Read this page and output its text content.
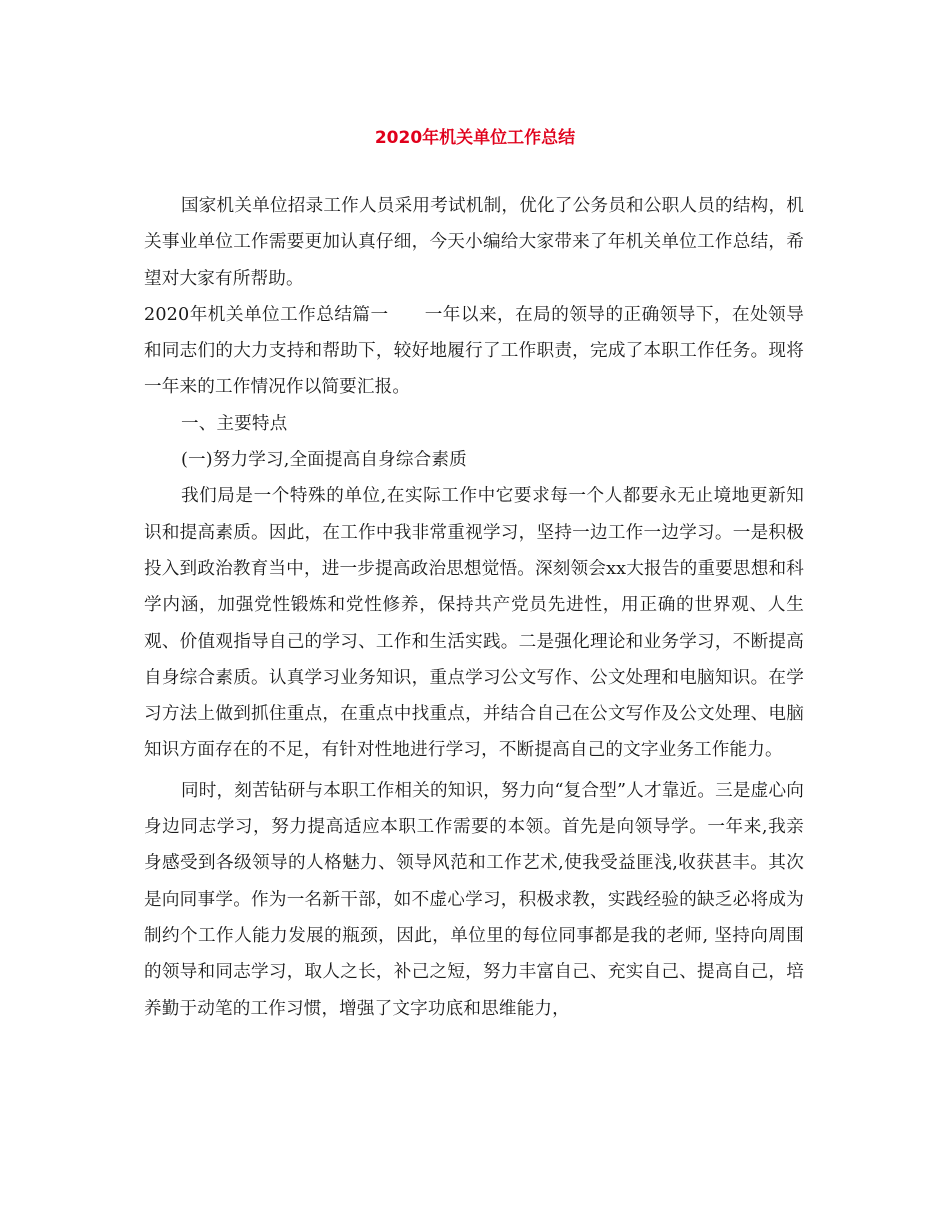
2020年机关单位工作总结

国家机关单位招录工作人员采用考试机制，优化了公务员和公职人员的结构，机关事业单位工作需要更加认真仔细，今天小编给大家带来了年机关单位工作总结，希望对大家有所帮助。

2020年机关单位工作总结篇一　　一年以来，在局的领导的正确领导下，在处领导和同志们的大力支持和帮助下，较好地履行了工作职责，完成了本职工作任务。现将一年来的工作情况作以简要汇报。

一、主要特点

(一)努力学习,全面提高自身综合素质

我们局是一个特殊的单位,在实际工作中它要求每一个人都要永无止境地更新知识和提高素质。因此，在工作中我非常重视学习，坚持一边工作一边学习。一是积极投入到政治教育当中，进一步提高政治思想觉悟。深刻领会xx大报告的重要思想和科学内涵，加强党性锻炼和党性修养，保持共产党员先进性，用正确的世界观、人生观、价值观指导自己的学习、工作和生活实践。二是强化理论和业务学习，不断提高自身综合素质。认真学习业务知识，重点学习公文写作、公文处理和电脑知识。在学习方法上做到抓住重点，在重点中找重点，并结合自己在公文写作及公文处理、电脑知识方面存在的不足，有针对性地进行学习，不断提高自己的文字业务工作能力。

同时，刻苦钻研与本职工作相关的知识，努力向“复合型”人才靠近。三是虚心向身边同志学习，努力提高适应本职工作需要的本领。首先是向领导学。一年来,我亲身感受到各级领导的人格魅力、领导风范和工作艺术,使我受益匪浅,收获甚丰。其次是向同事学。作为一名新干部，如不虚心学习，积极求教，实践经验的缺乏必将成为制约个工作人能力发展的瓶颈，因此，单位里的每位同事都是我的老师, 坚持向周围的领导和同志学习，取人之长，补己之短，努力丰富自己、充实自己、提高自己，培养勤于动笔的工作习惯，增强了文字功底和思维能力，
